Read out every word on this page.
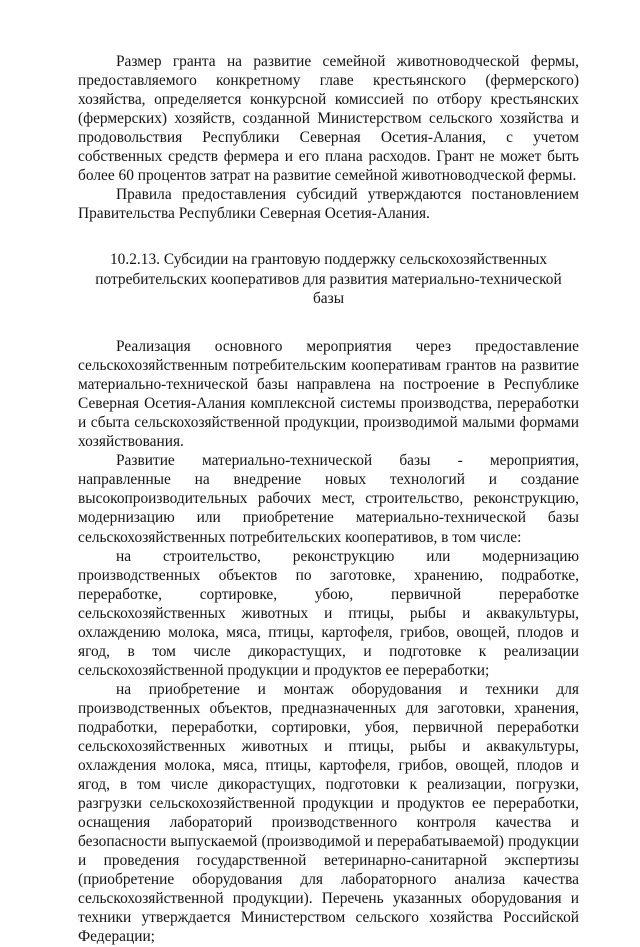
Размер гранта на развитие семейной животноводческой фермы, предоставляемого конкретному главе крестьянского (фермерского) хозяйства, определяется конкурсной комиссией по отбору крестьянских (фермерских) хозяйств, созданной Министерством сельского хозяйства и продовольствия Республики Северная Осетия-Алания, с учетом собственных средств фермера и его плана расходов. Грант не может быть более 60 процентов затрат на развитие семейной животноводческой фермы.

Правила предоставления субсидий утверждаются постановлением Правительства Республики Северная Осетия-Алания.

10.2.13. Субсидии на грантовую поддержку сельскохозяйственных потребительских кооперативов для развития материально-технической базы

Реализация основного мероприятия через предоставление сельскохозяйственным потребительским кооперативам грантов на развитие материально-технической базы направлена на построение в Республике Северная Осетия-Алания комплексной системы производства, переработки и сбыта сельскохозяйственной продукции, производимой малыми формами хозяйствования.

Развитие материально-технической базы - мероприятия, направленные на внедрение новых технологий и создание высокопроизводительных рабочих мест, строительство, реконструкцию, модернизацию или приобретение материально-технической базы сельскохозяйственных потребительских кооперативов, в том числе:

на строительство, реконструкцию или модернизацию производственных объектов по заготовке, хранению, подработке, переработке, сортировке, убою, первичной переработке сельскохозяйственных животных и птицы, рыбы и аквакультуры, охлаждению молока, мяса, птицы, картофеля, грибов, овощей, плодов и ягод, в том числе дикорастущих, и подготовке к реализации сельскохозяйственной продукции и продуктов ее переработки;

на приобретение и монтаж оборудования и техники для производственных объектов, предназначенных для заготовки, хранения, подработки, переработки, сортировки, убоя, первичной переработки сельскохозяйственных животных и птицы, рыбы и аквакультуры, охлаждения молока, мяса, птицы, картофеля, грибов, овощей, плодов и ягод, в том числе дикорастущих, подготовки к реализации, погрузки, разгрузки сельскохозяйственной продукции и продуктов ее переработки, оснащения лабораторий производственного контроля качества и безопасности выпускаемой (производимой и перерабатываемой) продукции и проведения государственной ветеринарно-санитарной экспертизы (приобретение оборудования для лабораторного анализа качества сельскохозяйственной продукции). Перечень указанных оборудования и техники утверждается Министерством сельского хозяйства Российской Федерации;
